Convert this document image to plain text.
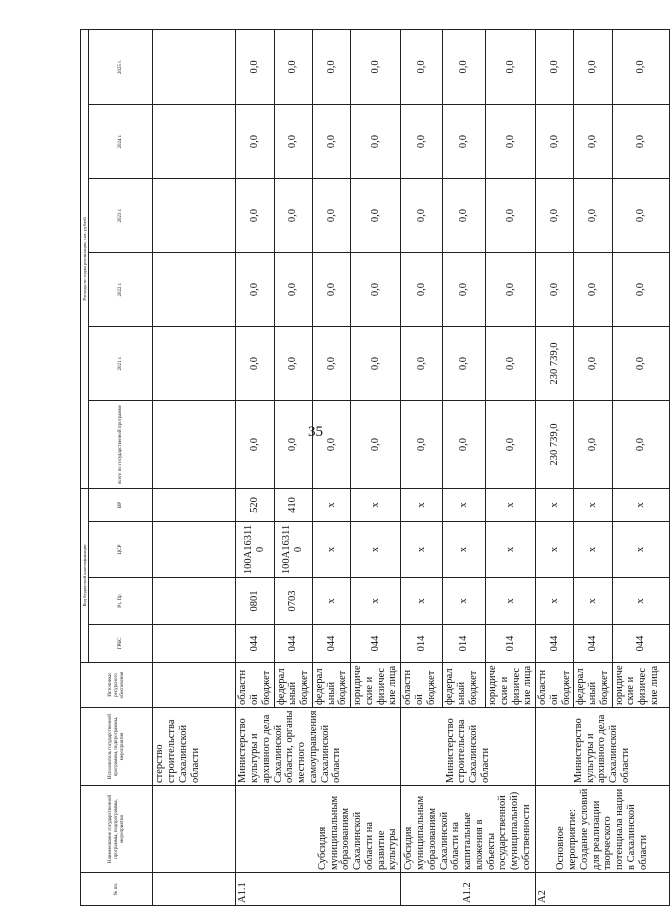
35
№ пп.	Наименование государственной программы, подпрограммы, мероприятия	Исполнитель государственной программы, подпрограммы, мероприятия	Источники ресурсного обеспечения	Код бюджетной классификации				Расходы по годам реализации, тыс. рублей					
				ГРБС	Рз, Пр	ЦСР	ВР	всего по государственной программе	2021 г.	2022 г.	2023 г.	2024 г.	2025 г.
		стерство строительства Сахалинской области											
А1.1	Субсидия муниципальным образованиям Сахалинской области на развитие культуры	Министерство культуры и архивного дела Сахалинской области, органы местного самоуправления Сахалинской области	областной бюджет	044	0801	100А163110	520	0,0	0,0	0,0	0,0	0,0	0,0
			федеральный бюджет	044	0703	100А163110	410	0,0	0,0	0,0	0,0	0,0	0,0
			федеральный бюджет	044	х	х	х	0,0	0,0	0,0	0,0	0,0	0,0
			юридические и физические лица	044	х	х	х	0,0	0,0	0,0	0,0	0,0	0,0
А1.2	Субсидия муниципальным образованиям Сахалинской области на капитальные вложения в объекты государственной (муниципальной) собственности	Министерство строительства Сахалинской области	областной бюджет	014	х	х	х	0,0	0,0	0,0	0,0	0,0	0,0
			федеральный бюджет	014	х	х	х	0,0	0,0	0,0	0,0	0,0	0,0
			юридические и физические лица	014	х	х	х	0,0	0,0	0,0	0,0	0,0	0,0
А2	Основное мероприятие: Создание условий для реализации творческого потенциала нации в Сахалинской области	Министерство культуры и архивного дела Сахалинской области	областной бюджет	044	х	х	х	230 739,0	230 739,0	0,0	0,0	0,0	0,0
			федеральный бюджет	044	х	х	х	0,0	0,0	0,0	0,0	0,0	0,0
			юридические и физические лица	044	х	х	х	0,0	0,0	0,0	0,0	0,0	0,0
